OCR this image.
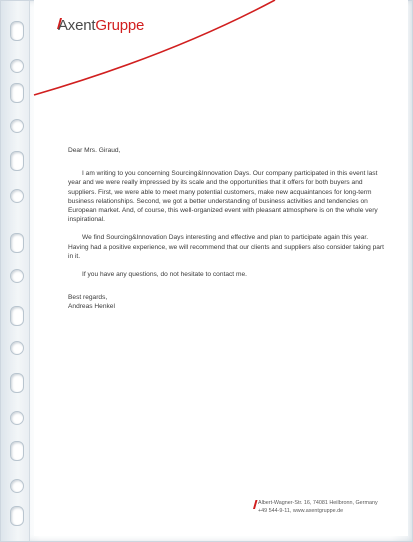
AxentGruppe

Dear Mrs. Giraud,

I am writing to you concerning Sourcing&Innovation Days. Our company participated in this event last year and we were really impressed by its scale and the opportunities that it offers for both buyers and suppliers. First, we were able to meet many potential customers, make new acquaintances for long-term business relationships. Second, we got a better understanding of business activities and tendencies on European market. And, of course, this well-organized event with pleasant atmosphere is on the whole very inspirational.

We find Sourcing&Innovation Days interesting and effective and plan to participate again this year. Having had a positive experience, we will recommend that our clients and suppliers also consider taking part in it.

If you have any questions, do not hesitate to contact me.

Best regards,

Andreas Henkel

Albert-Wagner-Str. 16, 74081 Heilbronn, Germany
+49 544-9-11, www.axentgruppe.de
